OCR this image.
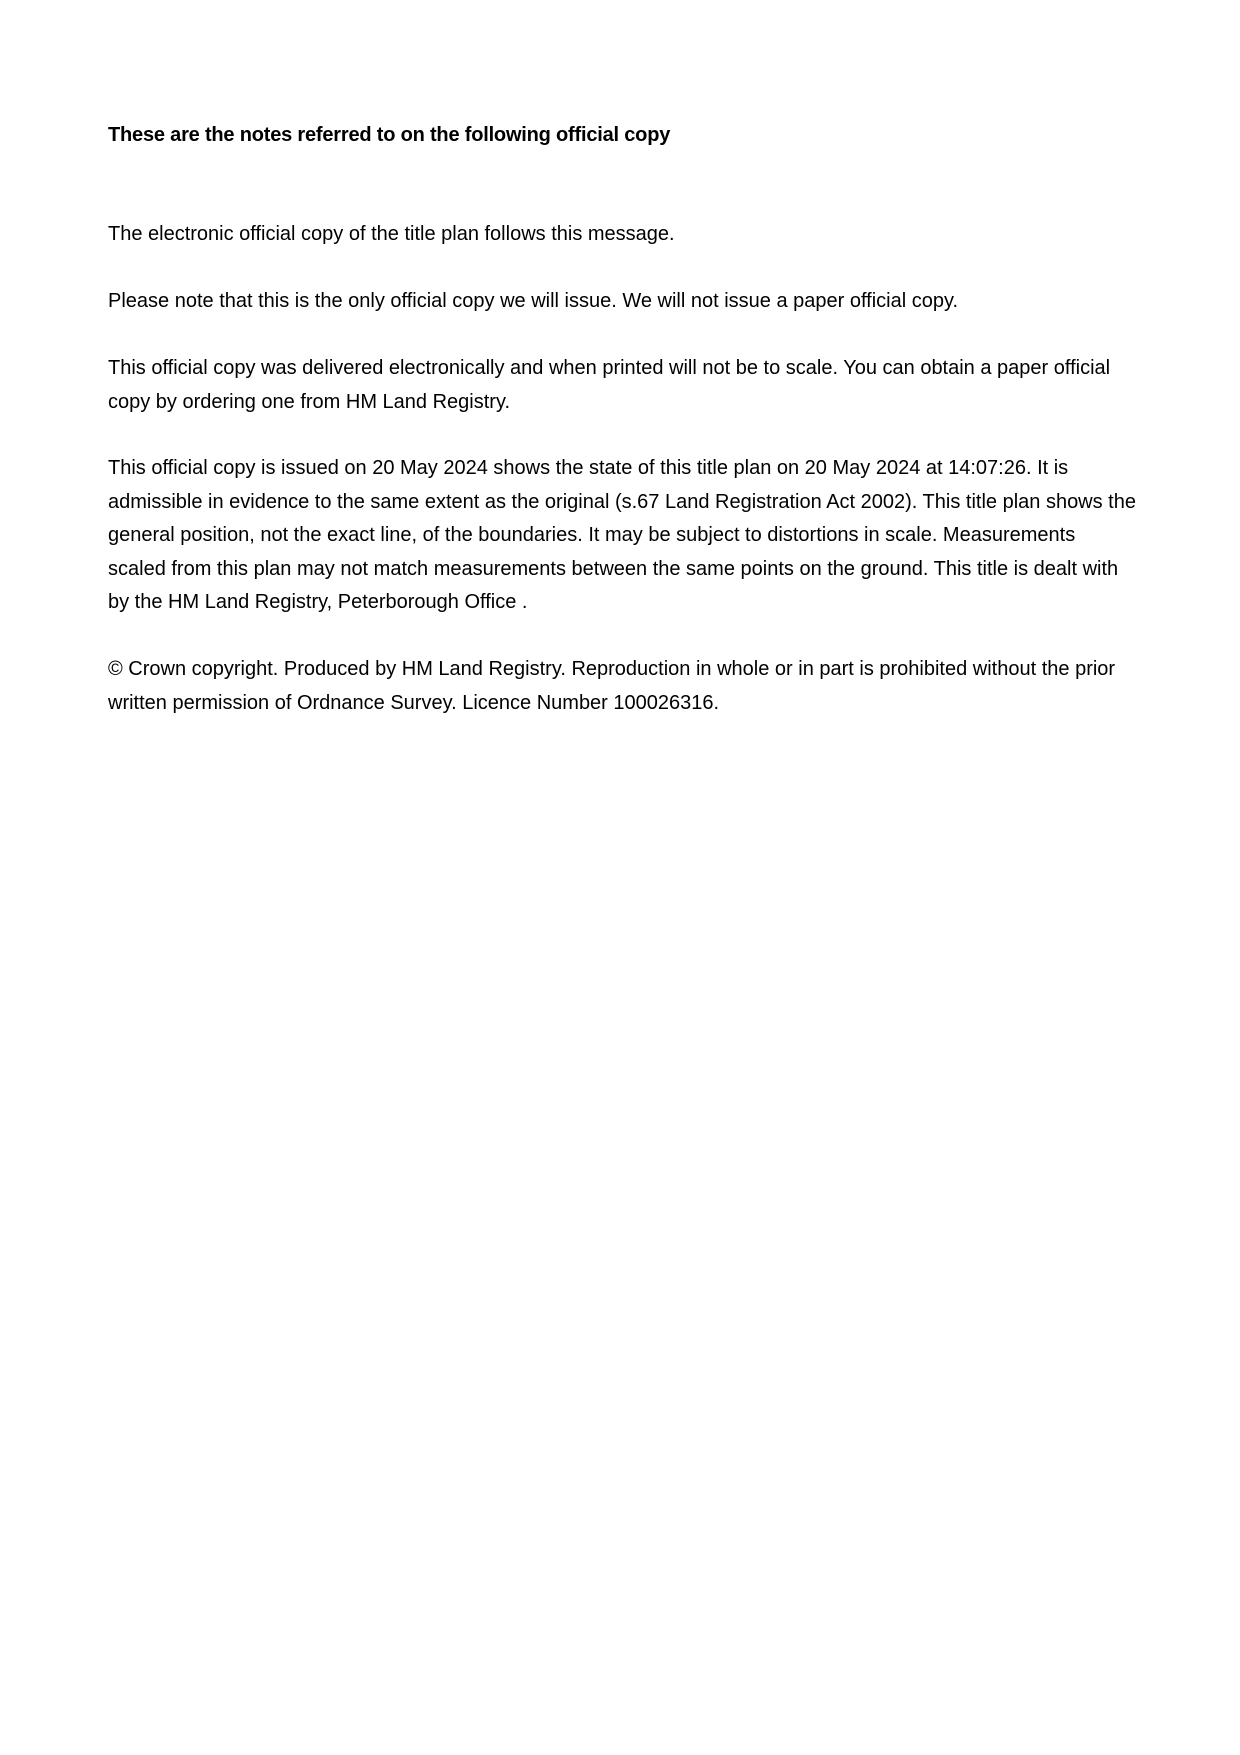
These are the notes referred to on the following official copy

The electronic official copy of the title plan follows this message.

Please note that this is the only official copy we will issue. We will not issue a paper official copy.

This official copy was delivered electronically and when printed will not be to scale. You can obtain a paper official copy by ordering one from HM Land Registry.

This official copy is issued on 20 May 2024 shows the state of this title plan on 20 May 2024 at 14:07:26. It is admissible in evidence to the same extent as the original (s.67 Land Registration Act 2002). This title plan shows the general position, not the exact line, of the boundaries. It may be subject to distortions in scale. Measurements scaled from this plan may not match measurements between the same points on the ground. This title is dealt with by the HM Land Registry, Peterborough Office .

© Crown copyright. Produced by HM Land Registry. Reproduction in whole or in part is prohibited without the prior written permission of Ordnance Survey. Licence Number 100026316.
